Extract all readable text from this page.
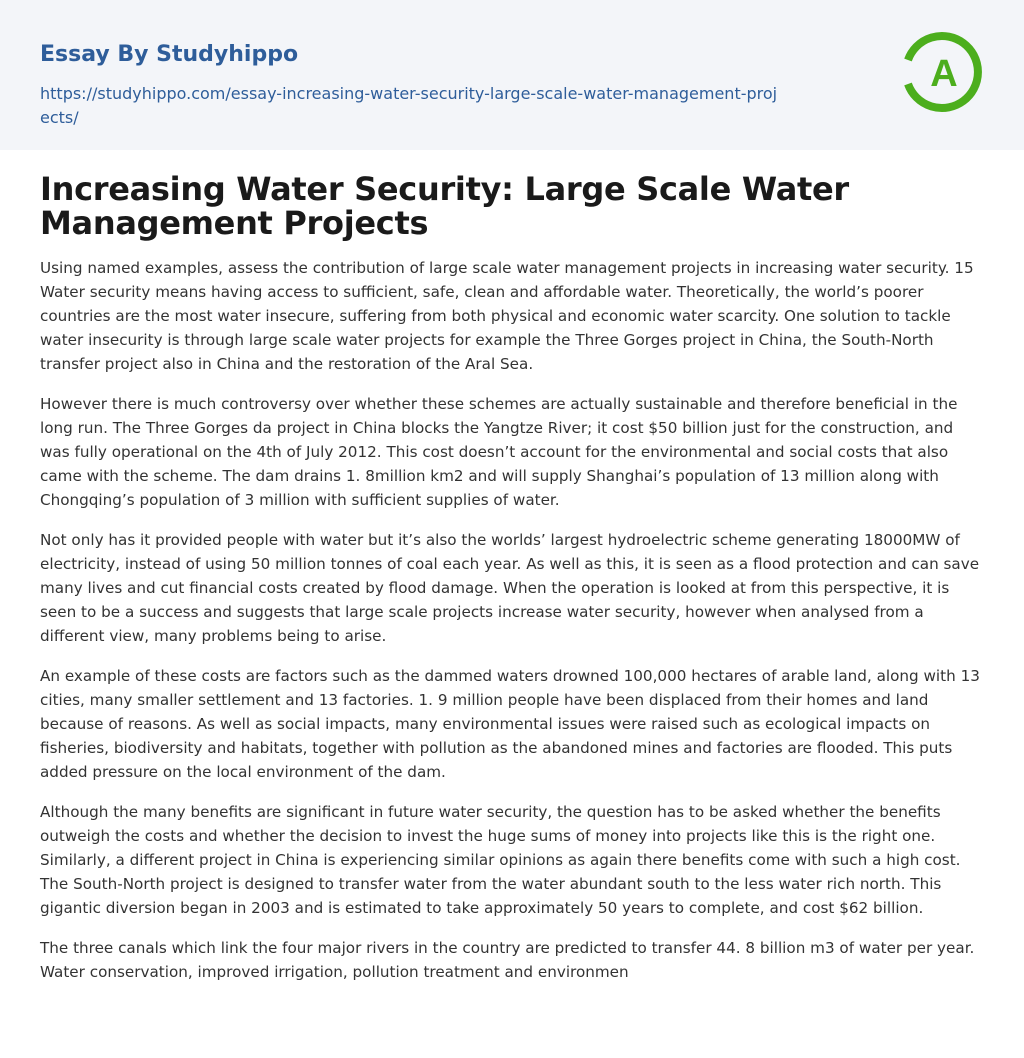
Essay By Studyhippo
https://studyhippo.com/essay-increasing-water-security-large-scale-water-management-projects/
A
Increasing Water Security: Large Scale Water Management Projects

Using named examples, assess the contribution of large scale water management projects in increasing water security. 15 Water security means having access to sufficient, safe, clean and affordable water. Theoretically, the world’s poorer countries are the most water insecure, suffering from both physical and economic water scarcity. One solution to tackle water insecurity is through large scale water projects for example the Three Gorges project in China, the South-North transfer project also in China and the restoration of the Aral Sea.

However there is much controversy over whether these schemes are actually sustainable and therefore beneficial in the long run. The Three Gorges da project in China blocks the Yangtze River; it cost $50 billion just for the construction, and was fully operational on the 4th of July 2012. This cost doesn’t account for the environmental and social costs that also came with the scheme. The dam drains 1. 8million km2 and will supply Shanghai’s population of 13 million along with Chongqing’s population of 3 million with sufficient supplies of water.

Not only has it provided people with water but it’s also the worlds’ largest hydroelectric scheme generating 18000MW of electricity, instead of using 50 million tonnes of coal each year. As well as this, it is seen as a flood protection and can save many lives and cut financial costs created by flood damage. When the operation is looked at from this perspective, it is seen to be a success and suggests that large scale projects increase water security, however when analysed from a different view, many problems being to arise.

An example of these costs are factors such as the dammed waters drowned 100,000 hectares of arable land, along with 13 cities, many smaller settlement and 13 factories. 1. 9 million people have been displaced from their homes and land because of reasons. As well as social impacts, many environmental issues were raised such as ecological impacts on fisheries, biodiversity and habitats, together with pollution as the abandoned mines and factories are flooded. This puts added pressure on the local environment of the dam.

Although the many benefits are significant in future water security, the question has to be asked whether the benefits outweigh the costs and whether the decision to invest the huge sums of money into projects like this is the right one. Similarly, a different project in China is experiencing similar opinions as again there benefits come with such a high cost. The South-North project is designed to transfer water from the water abundant south to the less water rich north. This gigantic diversion began in 2003 and is estimated to take approximately 50 years to complete, and cost $62 billion.

The three canals which link the four major rivers in the country are predicted to transfer 44. 8 billion m3 of water per year. Water conservation, improved irrigation, pollution treatment and environmen
